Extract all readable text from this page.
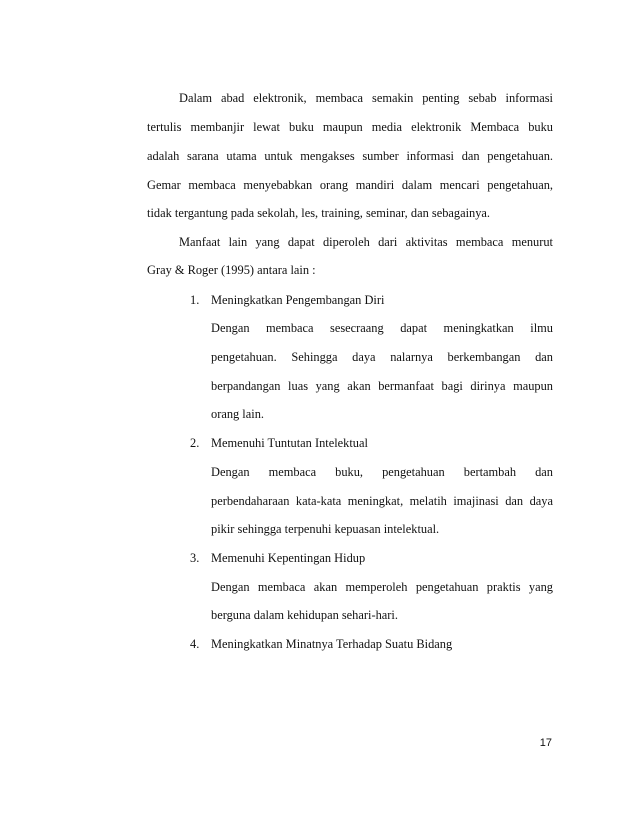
Dalam abad elektronik, membaca semakin penting sebab informasi

tertulis membanjir lewat buku maupun media elektronik Membaca buku

adalah sarana utama untuk mengakses sumber informasi dan pengetahuan.

Gemar membaca menyebabkan orang mandiri dalam mencari pengetahuan,

tidak tergantung pada sekolah, les, training, seminar, dan sebagainya.

Manfaat lain yang dapat diperoleh dari aktivitas membaca menurut

Gray & Roger (1995) antara lain :

1. Meningkatkan Pengembangan Diri

Dengan membaca sesecraang dapat meningkatkan ilmu

pengetahuan. Sehingga daya nalarnya berkembangan dan

berpandangan luas yang akan bermanfaat bagi dirinya maupun

orang lain.

2. Memenuhi Tuntutan Intelektual

Dengan membaca buku, pengetahuan bertambah dan

perbendaharaan kata-kata meningkat, melatih imajinasi dan daya

pikir sehingga terpenuhi kepuasan intelektual.

3. Memenuhi Kepentingan Hidup

Dengan membaca akan memperoleh pengetahuan praktis yang

berguna dalam kehidupan sehari-hari.

4. Meningkatkan Minatnya Terhadap Suatu Bidang
17
